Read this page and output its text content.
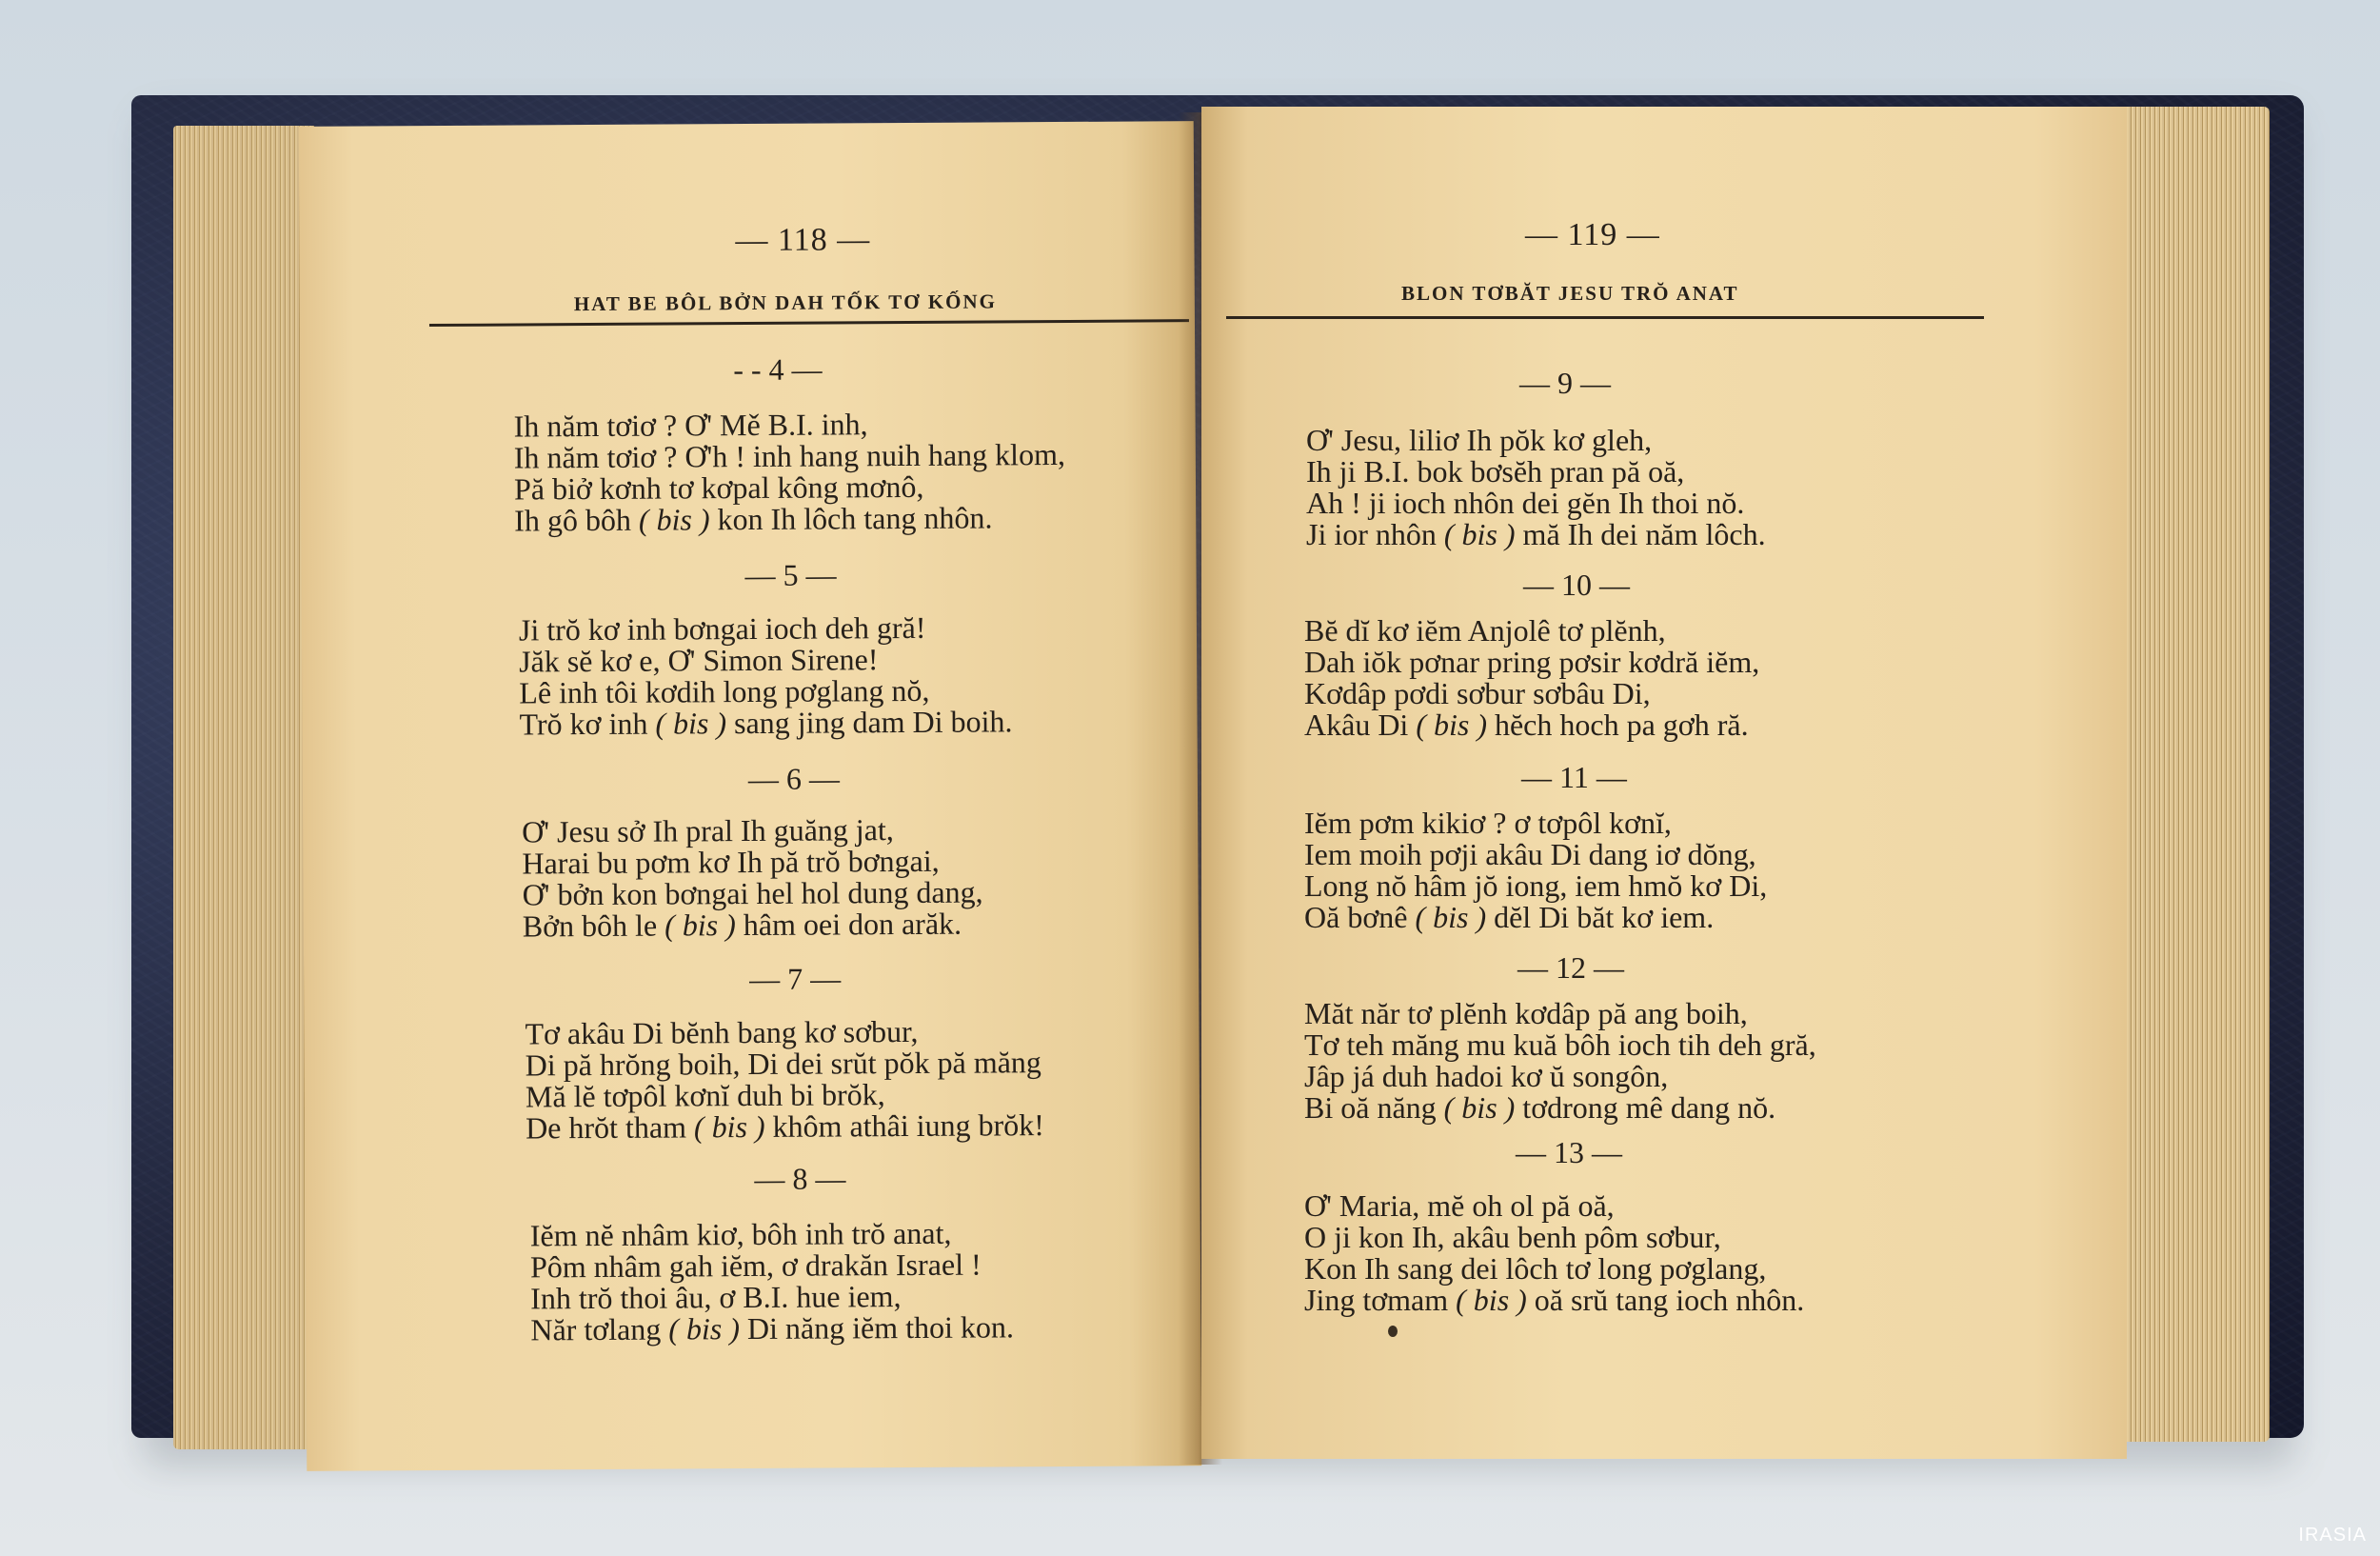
— 118 —
HAT BE BÔL BỞN DAH TỐK TƠ KỐNG
- - 4 —

Ih năm tơiơ ? Ơ' Mě B.I. inh,

Ih năm tơiơ ? Ơ'h ! inh hang nuih hang klom,

Pă biở kơnh tơ kơpal kông mơnô,

Ih gô bôh ( bis ) kon Ih lôch tang nhôn.

— 5 —

Ji trŏ kơ inh bơngai ioch deh gră!

Jăk sĕ kơ e, Ơ' Simon Sirene!

Lê inh tôi kơdih long pơglang nŏ,

Trŏ kơ inh ( bis ) sang jing dam Di boih.

— 6 —

Ơ' Jesu sở Ih pral Ih guăng jat,

Harai bu pơm kơ Ih pă trŏ bơngai,

Ơ' bởn kon bơngai hel hol dung dang,

Bởn bôh le ( bis ) hâm oei don arăk.

— 7 —

Tơ akâu Di bĕnh bang kơ sơbur,

Di pă hrŏng boih, Di dei srŭt pŏk pă măng

Mă lĕ tơpôl kơnĭ duh bi brŏk,

De hrŏt tham ( bis ) khôm athâi iung brŏk!

— 8 —

Iĕm nĕ nhâm kiơ, bôh inh trŏ anat,

Pôm nhâm gah iĕm, ơ drakăn Israel !

Inh trŏ thoi âu, ơ B.I. hue iem,

Năr tơlang ( bis ) Di năng iĕm thoi kon.

— 119 —
BLON TƠBĂT JESU TRŎ ANAT
— 9 —

Ơ' Jesu, liliơ Ih pŏk kơ gleh,

Ih ji B.I. bok bơsĕh pran pă oă,

Ah ! ji ioch nhôn dei gĕn Ih thoi nŏ.

Ji ior nhôn ( bis ) mă Ih dei năm lôch.

— 10 —

Bĕ dĭ kơ iĕm Anjolê tơ plĕnh,

Dah iŏk pơnar pring pơsir kơdră iĕm,

Kơdâp pơdi sơbur sơbâu Di,

Akâu Di ( bis ) hĕch hoch pa gơh ră.

— 11 —

Iĕm pơm kikiơ ? ơ tơpôl kơnĭ,

Iem moih pơji akâu Di dang iơ dŏng,

Long nŏ hâm jŏ iong, iem hmŏ kơ Di,

Oă bơnê ( bis ) dĕl Di băt kơ iem.

— 12 —

Măt năr tơ plĕnh kơdâp pă ang boih,

Tơ teh măng mu kuă bôh ioch tih deh gră,

Jâp já duh hadoi kơ ŭ songôn,

Bi oă năng ( bis ) tơdrong mê dang nŏ.

— 13 —

Ơ' Maria, mĕ oh ol pă oă,

O ji kon Ih, akâu benh pôm sơbur,

Kon Ih sang dei lôch tơ long pơglang,

Jing tơmam ( bis ) oă srŭ tang ioch nhôn.

IRASIA
